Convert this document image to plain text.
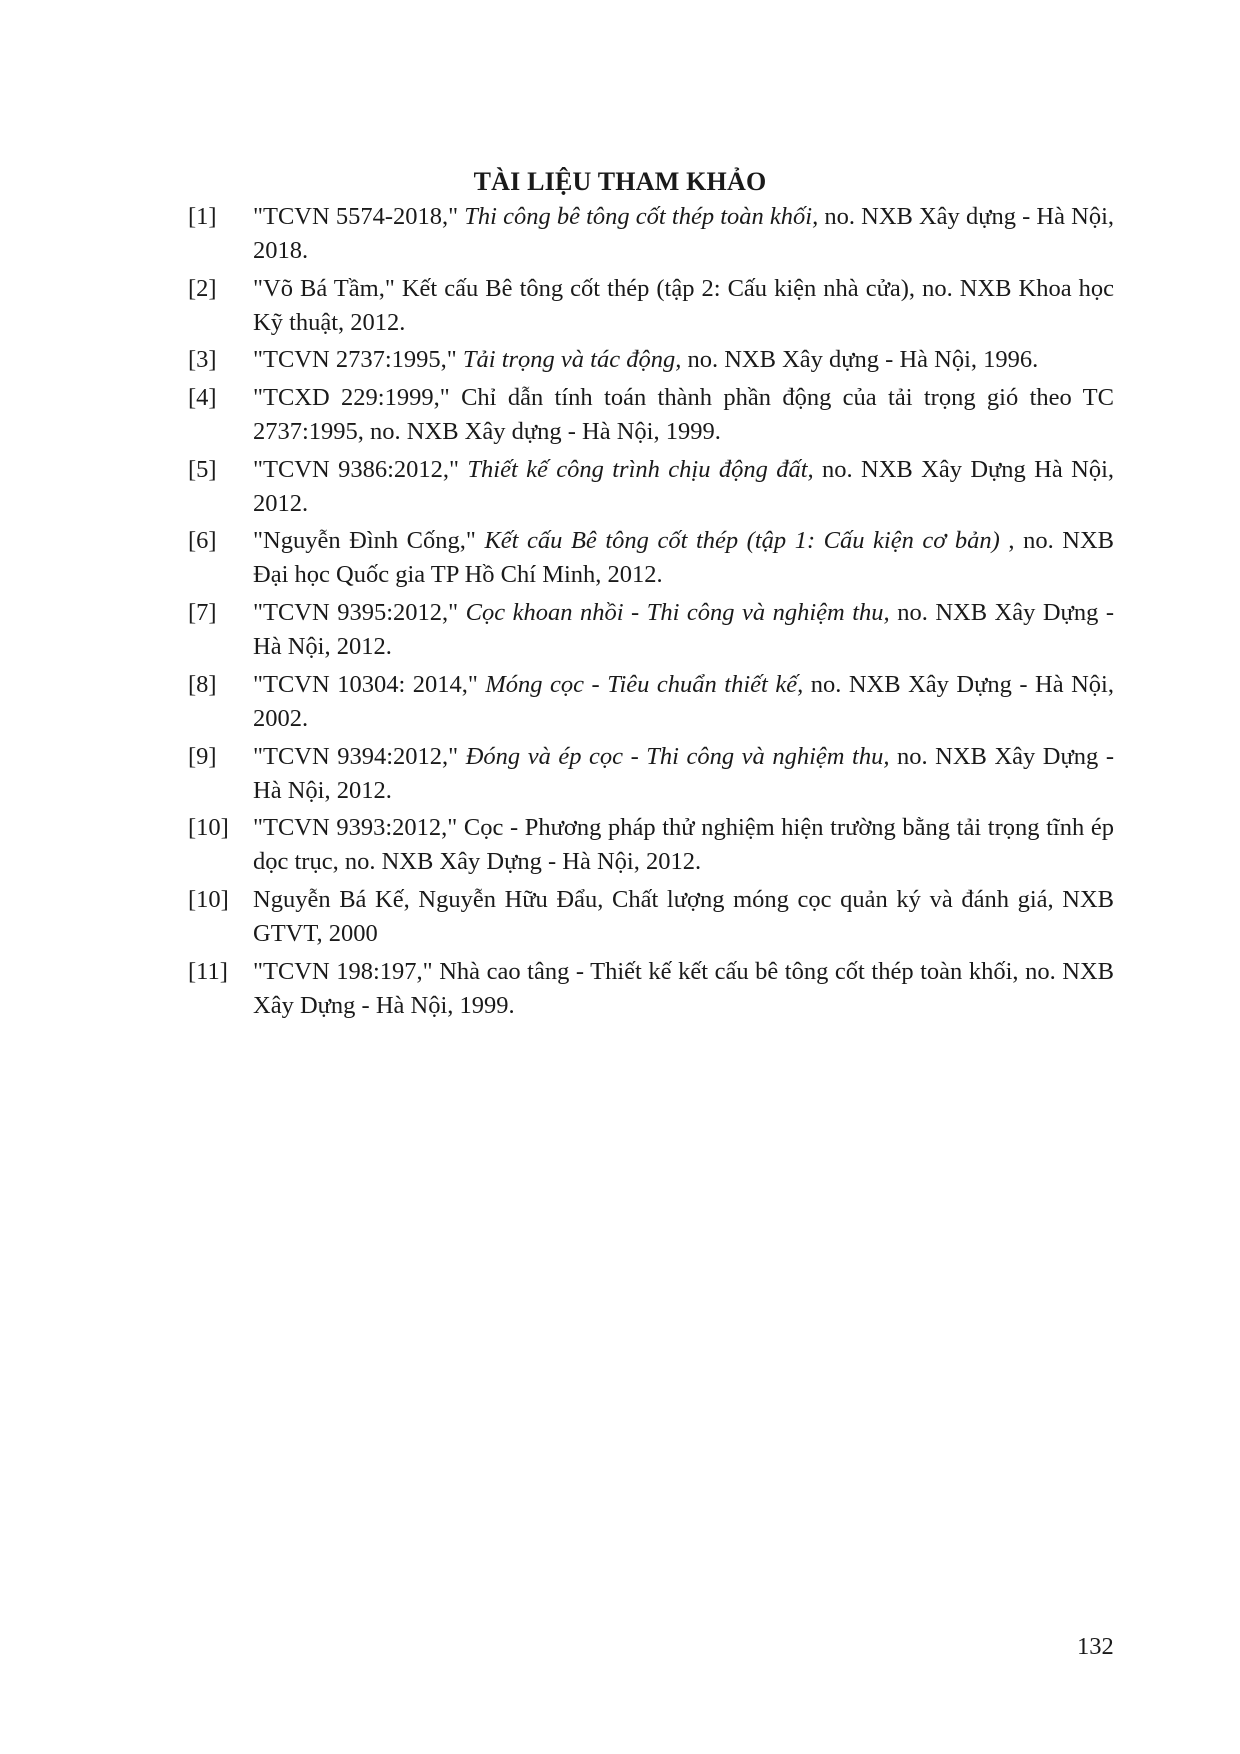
TÀI LIỆU THAM KHẢO
[1] "TCVN 5574-2018," Thi công bê tông cốt thép toàn khối, no. NXB Xây dựng - Hà Nội, 2018.
[2] "Võ Bá Tầm," Kết cấu Bê tông cốt thép (tập 2: Cấu kiện nhà cửa), no. NXB Khoa học Kỹ thuật, 2012.
[3] "TCVN 2737:1995," Tải trọng và tác động, no. NXB Xây dựng - Hà Nội, 1996.
[4] "TCXD 229:1999," Chỉ dẫn tính toán thành phần động của tải trọng gió theo TC 2737:1995, no. NXB Xây dựng - Hà Nội, 1999.
[5] "TCVN 9386:2012," Thiết kế công trình chịu động đất, no. NXB Xây Dựng Hà Nội, 2012.
[6] "Nguyễn Đình Cống," Kết cấu Bê tông cốt thép (tập 1: Cấu kiện cơ bản) , no. NXB Đại học Quốc gia TP Hồ Chí Minh, 2012.
[7] "TCVN 9395:2012," Cọc khoan nhồi - Thi công và nghiệm thu, no. NXB Xây Dựng - Hà Nội, 2012.
[8] "TCVN 10304: 2014," Móng cọc - Tiêu chuẩn thiết kế, no. NXB Xây Dựng - Hà Nội, 2002.
[9] "TCVN 9394:2012," Đóng và ép cọc - Thi công và nghiệm thu, no. NXB Xây Dựng - Hà Nội, 2012.
[10] "TCVN 9393:2012," Cọc - Phương pháp thử nghiệm hiện trường bằng tải trọng tĩnh ép dọc trục, no. NXB Xây Dựng - Hà Nội, 2012.
[10] Nguyễn Bá Kế, Nguyễn Hữu Đẩu, Chất lượng móng cọc quản ký và đánh giá, NXB GTVT, 2000
[11] "TCVN 198:197," Nhà cao tâng - Thiết kế kết cấu bê tông cốt thép toàn khối, no. NXB Xây Dựng - Hà Nội, 1999.
132
